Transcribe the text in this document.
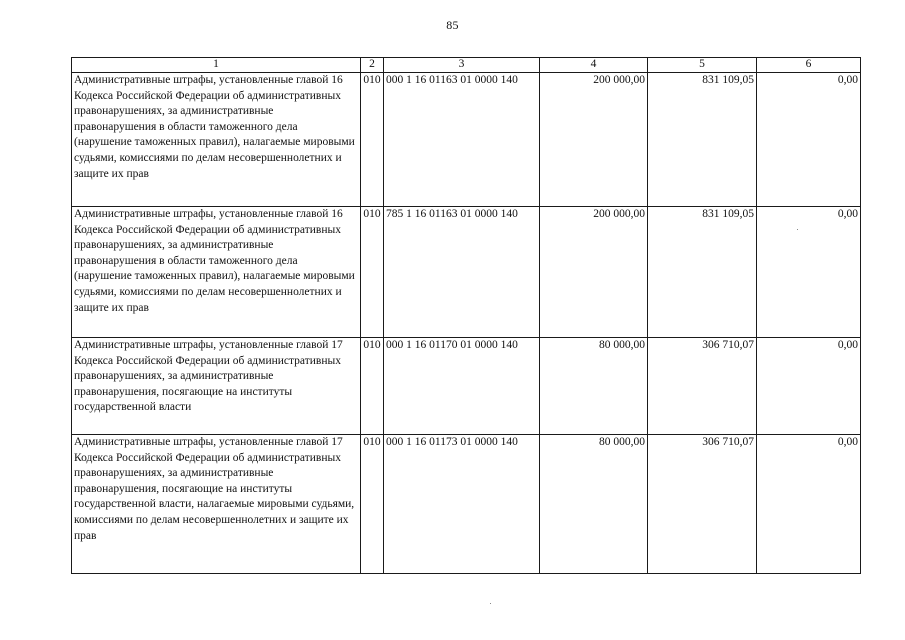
85
1	2	3	4	5	6
Административные штрафы, установленные главой 16 Кодекса Российской Федерации об административных правонарушениях, за административные правонарушения в области таможенного дела (нарушение таможенных правил), налагаемые мировыми судьями, комиссиями по делам несовершеннолетних и защите их прав	010	000 1 16 01163 01 0000 140	200 000,00	831 109,05	0,00
Административные штрафы, установленные главой 16 Кодекса Российской Федерации об административных правонарушениях, за административные правонарушения в области таможенного дела (нарушение таможенных правил), налагаемые мировыми судьями, комиссиями по делам несовершеннолетних и защите их прав	010	785 1 16 01163 01 0000 140	200 000,00	831 109,05	0,00
Административные штрафы, установленные главой 17 Кодекса Российской Федерации об административных правонарушениях, за административные правонарушения, посягающие на институты государственной власти	010	000 1 16 01170 01 0000 140	80 000,00	306 710,07	0,00
Административные штрафы, установленные главой 17 Кодекса Российской Федерации об административных правонарушениях, за административные правонарушения, посягающие на институты государственной власти, налагаемые мировыми судьями, комиссиями по делам несовершеннолетних и защите их прав	010	000 1 16 01173 01 0000 140	80 000,00	306 710,07	0,00
